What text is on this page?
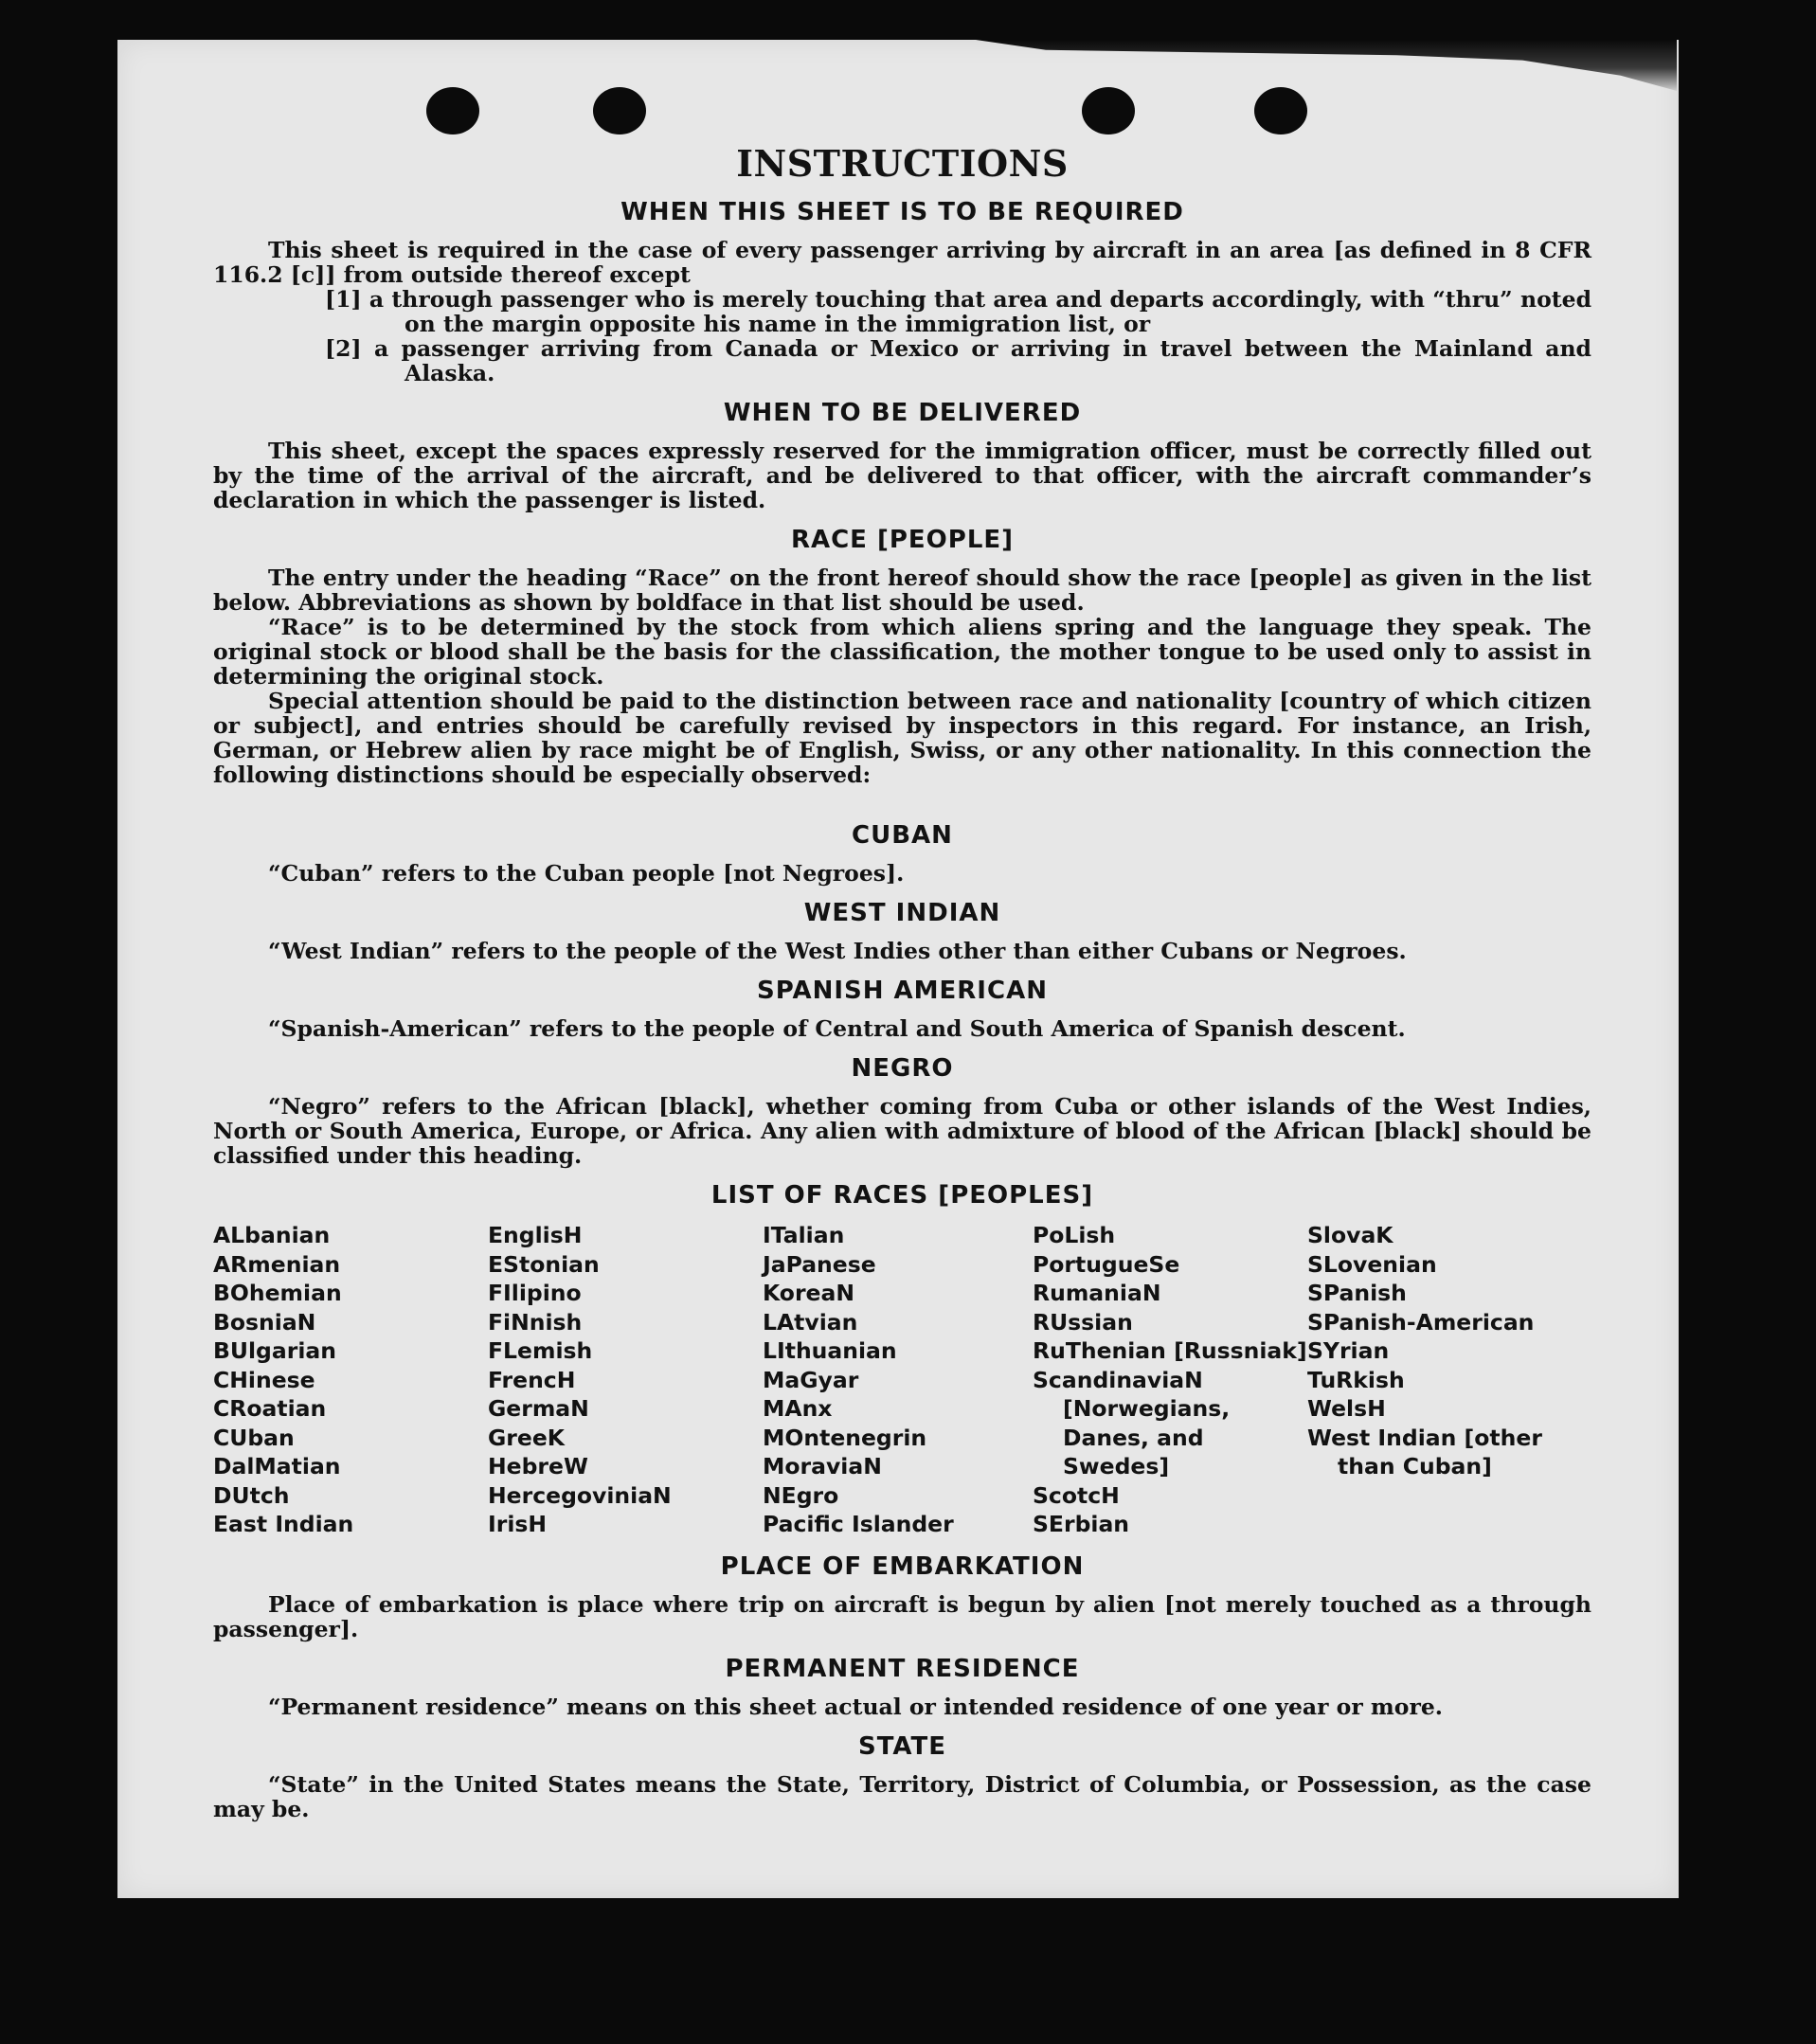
INSTRUCTIONS
WHEN THIS SHEET IS TO BE REQUIRED

This sheet is required in the case of every passenger arriving by aircraft in an area [as defined in 8 CFR 116.2 [c]] from outside thereof except

[1] a through passenger who is merely touching that area and departs accordingly, with “thru” noted on the margin opposite his name in the immigration list, or

[2] a passenger arriving from Canada or Mexico or arriving in travel between the Mainland and Alaska.

WHEN TO BE DELIVERED

This sheet, except the spaces expressly reserved for the immigration officer, must be correctly filled out by the time of the arrival of the aircraft, and be delivered to that officer, with the aircraft commander’s declaration in which the passenger is listed.

RACE [PEOPLE]

The entry under the heading “Race” on the front hereof should show the race [people] as given in the list below. Abbreviations as shown by boldface in that list should be used.

“Race” is to be determined by the stock from which aliens spring and the language they speak. The original stock or blood shall be the basis for the classification, the mother tongue to be used only to assist in determining the original stock.

Special attention should be paid to the distinction between race and nationality [country of which citizen or subject], and entries should be carefully revised by inspectors in this regard. For instance, an Irish, German, or Hebrew alien by race might be of English, Swiss, or any other nationality. In this connection the following distinctions should be especially observed:

CUBAN

“Cuban” refers to the Cuban people [not Negroes].

WEST INDIAN

“West Indian” refers to the people of the West Indies other than either Cubans or Negroes.

SPANISH AMERICAN

“Spanish-American” refers to the people of Central and South America of Spanish descent.

NEGRO

“Negro” refers to the African [black], whether coming from Cuba or other islands of the West Indies, North or South America, Europe, or Africa. Any alien with admixture of blood of the African [black] should be classified under this heading.

LIST OF RACES [PEOPLES]
ALbanian
ARmenian
BOhemian
BosniaN
BUlgarian
CHinese
CRoatian
CUban
DalMatian
DUtch
East Indian
EnglisH
EStonian
FIlipino
FiNnish
FLemish
FrencH
GermaN
GreeK
HebreW
HercegoviniaN
IrisH
ITalian
JaPanese
KoreaN
LAtvian
LIthuanian
MaGyar
MAnx
MOntenegrin
MoraviaN
NEgro
Pacific Islander
PoLish
PortugueSe
RumaniaN
RUssian
RuThenian [Russniak]
ScandinaviaN [Norwegians, Danes, and Swedes]
ScotcH
SErbian
SlovaK
SLovenian
SPanish
SPanish-American
SYrian
TuRkish
WelsH
West Indian [other than Cuban]
PLACE OF EMBARKATION

Place of embarkation is place where trip on aircraft is begun by alien [not merely touched as a through passenger].

PERMANENT RESIDENCE

“Permanent residence” means on this sheet actual or intended residence of one year or more.

STATE

“State” in the United States means the State, Territory, District of Columbia, or Possession, as the case may be.
